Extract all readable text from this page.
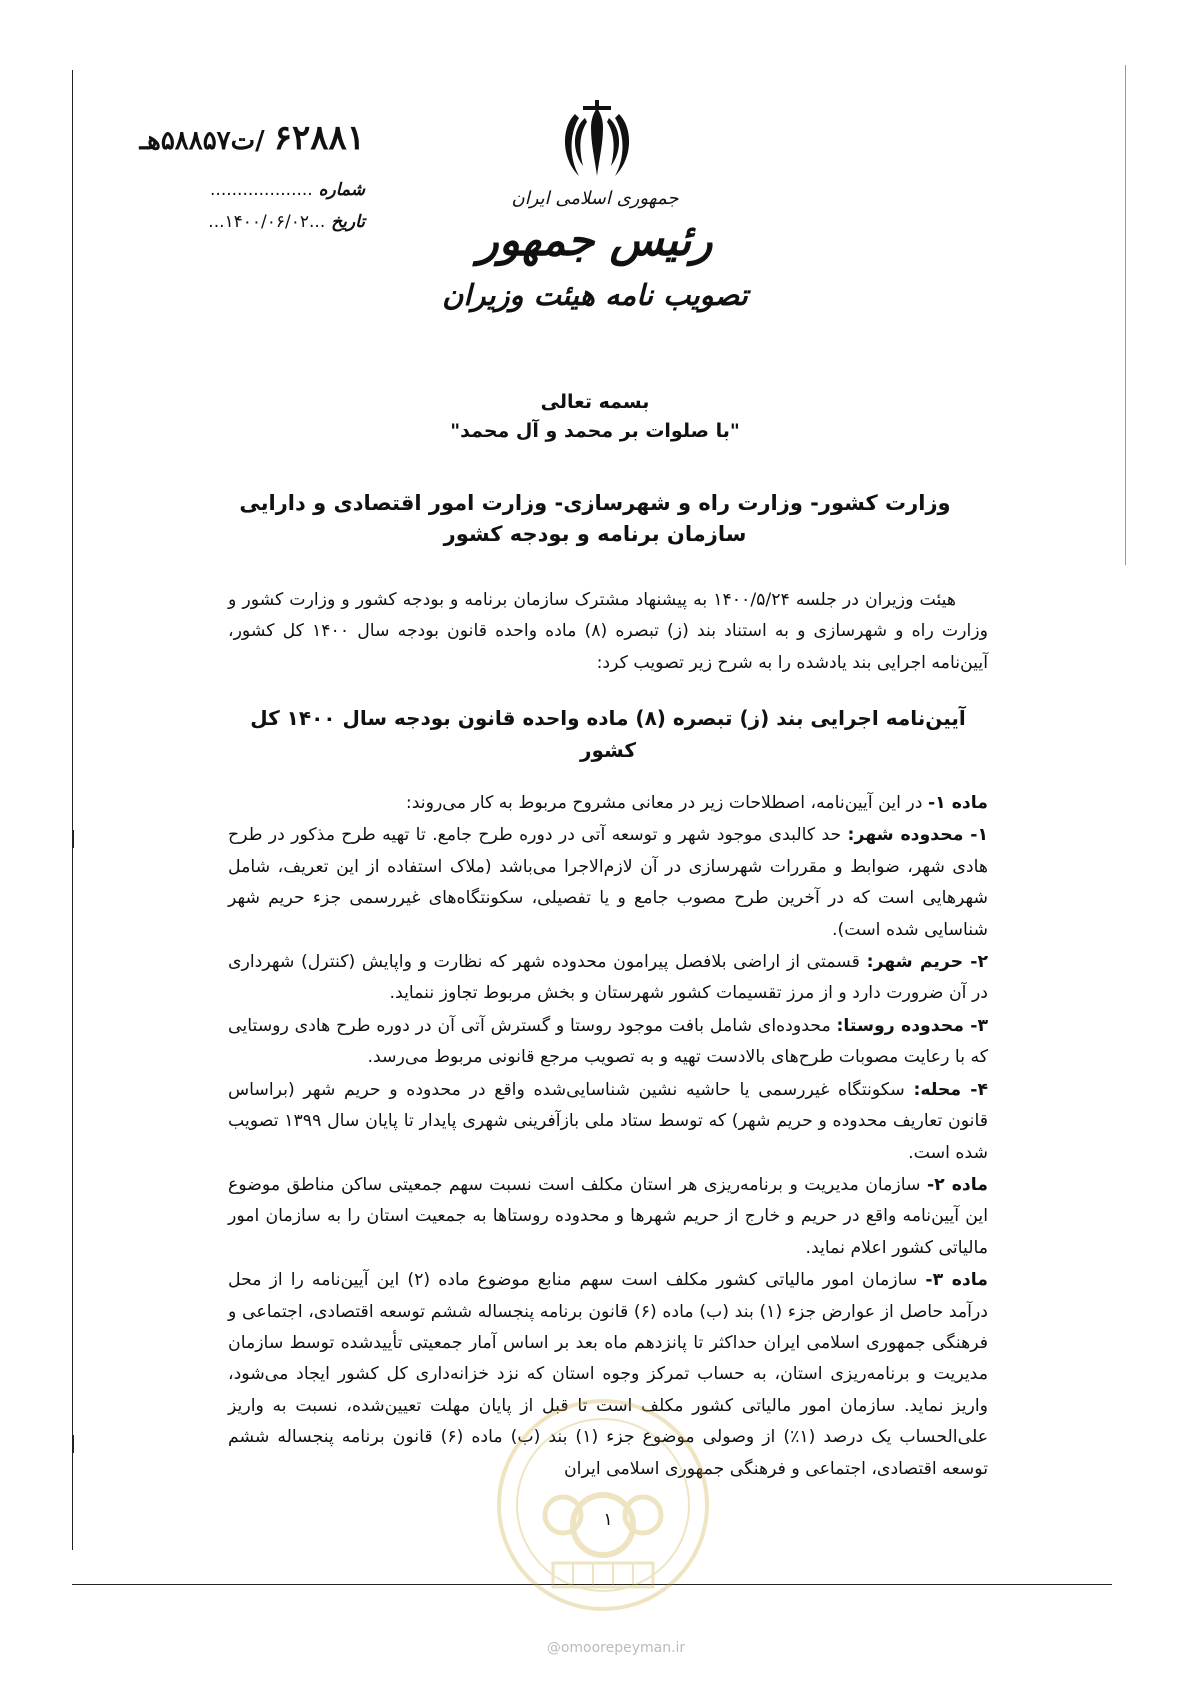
۶۲۸۸۱ /ت۵۸۸۵۷هـ
شماره ...................
تاریخ ...۱۴۰۰/۰۶/۰۲...
جمهوری اسلامی ایران
رئیس جمهور
تصویب نامه هیئت وزیران
بسمه تعالی
"با صلوات بر محمد و آل محمد"
وزارت کشور- وزارت راه و شهرسازی- وزارت امور اقتصادی و دارایی
سازمان برنامه و بودجه کشور

هیئت وزیران در جلسه ۱۴۰۰/۵/۲۴ به پیشنهاد مشترک سازمان برنامه و بودجه کشور و وزارت کشور و وزارت راه و شهرسازی و به استناد بند (ز) تبصره (۸) ماده واحده قانون بودجه سال ۱۴۰۰ کل کشور، آیین‌نامه اجرایی بند یادشده را به شرح زیر تصویب کرد:

آیین‌نامه اجرایی بند (ز) تبصره (۸) ماده واحده قانون بودجه سال ۱۴۰۰ کل کشور

ماده ۱- در این آیین‌نامه، اصطلاحات زیر در معانی مشروح مربوط به کار می‌روند:

۱- محدوده شهر: حد کالبدی موجود شهر و توسعه آتی در دوره طرح جامع. تا تهیه طرح مذکور در طرح هادی شهر، ضوابط و مقررات شهرسازی در آن لازم‌الاجرا می‌باشد (ملاک استفاده از این تعریف، شامل شهرهایی است که در آخرین طرح مصوب جامع و یا تفصیلی، سکونتگاه‌های غیررسمی جزء حریم شهر شناسایی شده است).

۲- حریم شهر: قسمتی از اراضی بلافصل پیرامون محدوده شهر که نظارت و واپایش (کنترل) شهرداری در آن ضرورت دارد و از مرز تقسیمات کشور شهرستان و بخش مربوط تجاوز ننماید.

۳- محدوده روستا: محدوده‌ای شامل بافت موجود روستا و گسترش آتی آن در دوره طرح هادی روستایی که با رعایت مصوبات طرح‌های بالادست تهیه و به تصویب مرجع قانونی مربوط می‌رسد.

۴- محله: سکونتگاه غیررسمی یا حاشیه نشین شناسایی‌شده واقع در محدوده و حریم شهر (براساس قانون تعاریف محدوده و حریم شهر) که توسط ستاد ملی بازآفرینی شهری پایدار تا پایان سال ۱۳۹۹ تصویب شده است.

ماده ۲- سازمان مدیریت و برنامه‌ریزی هر استان مکلف است نسبت سهم جمعیتی ساکن مناطق موضوع این آیین‌نامه واقع در حریم و خارج از حریم شهرها و محدوده روستاها به جمعیت استان را به سازمان امور مالیاتی کشور اعلام نماید.

ماده ۳- سازمان امور مالیاتی کشور مکلف است سهم منابع موضوع ماده (۲) این آیین‌نامه را از محل درآمد حاصل از عوارض جزء (۱) بند (ب) ماده (۶) قانون برنامه پنجساله ششم توسعه اقتصادی، اجتماعی و فرهنگی جمهوری اسلامی ایران حداکثر تا پانزدهم ماه بعد بر اساس آمار جمعیتی تأییدشده توسط سازمان مدیریت و برنامه‌ریزی استان، به حساب تمرکز وجوه استان که نزد خزانه‌داری کل کشور ایجاد می‌شود، واریز نماید. سازمان امور مالیاتی کشور مکلف است تا قبل از پایان مهلت تعیین‌شده، نسبت به واریز علی‌الحساب یک درصد (۱٪) از وصولی موضوع جزء (۱) بند (ب) ماده (۶) قانون برنامه پنجساله ششم توسعه اقتصادی، اجتماعی و فرهنگی جمهوری اسلامی ایران

۱

@omoorepeyman.ir
